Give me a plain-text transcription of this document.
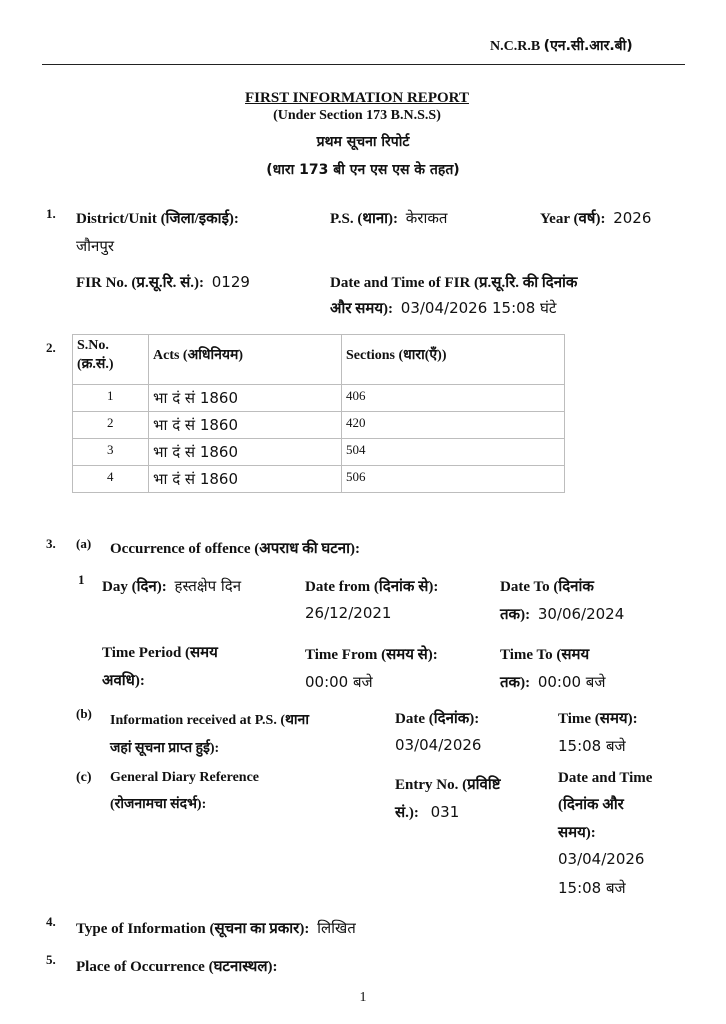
N.C.R.B (एन.सी.आर.बी)
FIRST INFORMATION REPORT
(Under Section 173 B.N.S.S)
प्रथम सूचना रिपोर्ट
(धारा 173 बी एन एस एस के तहत)
1. District/Unit (जिला/इकाई):
जौनपुर
P.S. (थाना): केराकत	Year (वर्ष): 2026
FIR No. (प्र.सू.रि. सं.): 0129	Date and Time of FIR (प्र.सू.रि. की दिनांक
और समय): 03/04/2026 15:08 घंटे
2. S.No.
(क्र.सं.)	Acts (अधिनियम)	Sections (धारा(एँ))
1	भा दं सं 1860	406
2	भा दं सं 1860	420
3	भा दं सं 1860	504
4	भा दं सं 1860	506
3. (a) Occurrence of offence (अपराध की घटना):
1 Day (दिन): हस्तक्षेप दिन	Date from (दिनांक से):
26/12/2021
Date To (दिनांक
तक): 30/06/2024
Time Period (समय
अवधि):
Time From (समय से):
00:00 बजे
Time To (समय
तक): 00:00 बजे
(b) Information received at P.S. (थाना
जहां सूचना प्राप्त हुई):
Date (दिनांक):
03/04/2026
Time (समय):
15:08 बजे
(c) General Diary Reference
(रोजनामचा संदर्भ):
Entry No. (प्रविष्टि
सं.): 031
Date and Time
(दिनांक और
समय):
03/04/2026
15:08 बजे
4. Type of Information (सूचना का प्रकार): लिखित
5. Place of Occurrence (घटनास्थल):
1
